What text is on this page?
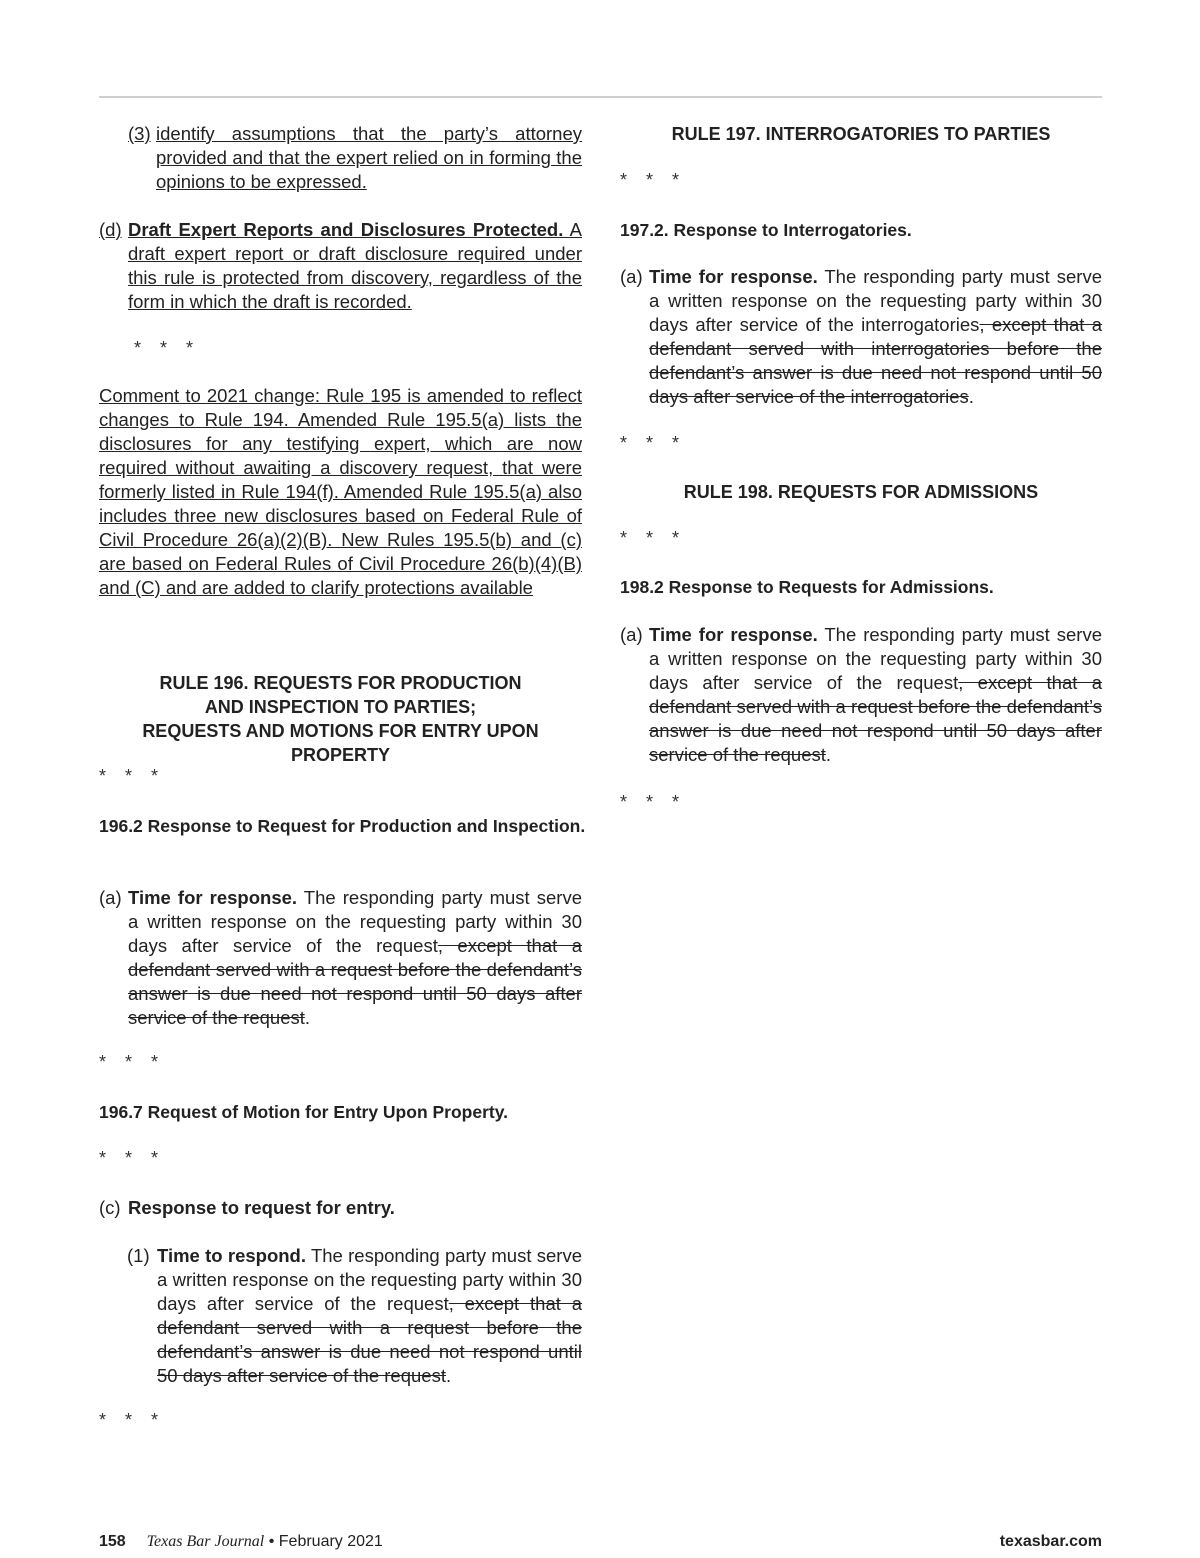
(3) identify assumptions that the party’s attorney provided and that the expert relied on in forming the opinions to be expressed.

(d) Draft Expert Reports and Disclosures Protected. A draft expert report or draft disclosure required under this rule is protected from discovery, regardless of the form in which the draft is recorded.

* * *

Comment to 2021 change: Rule 195 is amended to reflect changes to Rule 194. Amended Rule 195.5(a) lists the disclosures for any testifying expert, which are now required without awaiting a discovery request, that were formerly listed in Rule 194(f). Amended Rule 195.5(a) also includes three new disclosures based on Federal Rule of Civil Procedure 26(a)(2)(B). New Rules 195.5(b) and (c) are based on Federal Rules of Civil Procedure 26(b)(4)(B) and (C) and are added to clarify protections available

RULE 196. REQUESTS FOR PRODUCTION
AND INSPECTION TO PARTIES;
REQUESTS AND MOTIONS FOR ENTRY UPON PROPERTY
* * *
196.2 Response to Request for Production and Inspection.
(a) Time for response. The responding party must serve a written response on the requesting party within 30 days after service of the request, except that a defendant served with a request before the defendant’s answer is due need not respond until 50 days after service of the request.

* * *
196.7 Request of Motion for Entry Upon Property.
* * *
(c) Response to request for entry.

(1) Time to respond. The responding party must serve a written response on the requesting party within 30 days after service of the request, except that a defendant served with a request before the defendant’s answer is due need not respond until 50 days after service of the request.

* * *
RULE 197. INTERROGATORIES TO PARTIES
* * *
197.2. Response to Interrogatories.
(a) Time for response. The responding party must serve a written response on the requesting party within 30 days after service of the interrogatories, except that a defendant served with interrogatories before the defendant’s answer is due need not respond until 50 days after service of the interrogatories.

* * *
RULE 198. REQUESTS FOR ADMISSIONS
* * *
198.2 Response to Requests for Admissions.
(a) Time for response. The responding party must serve a written response on the requesting party within 30 days after service of the request, except that a defendant served with a request before the defendant’s answer is due need not respond until 50 days after service of the request.

* * *
158 Texas Bar Journal • February 2021	texasbar.com
